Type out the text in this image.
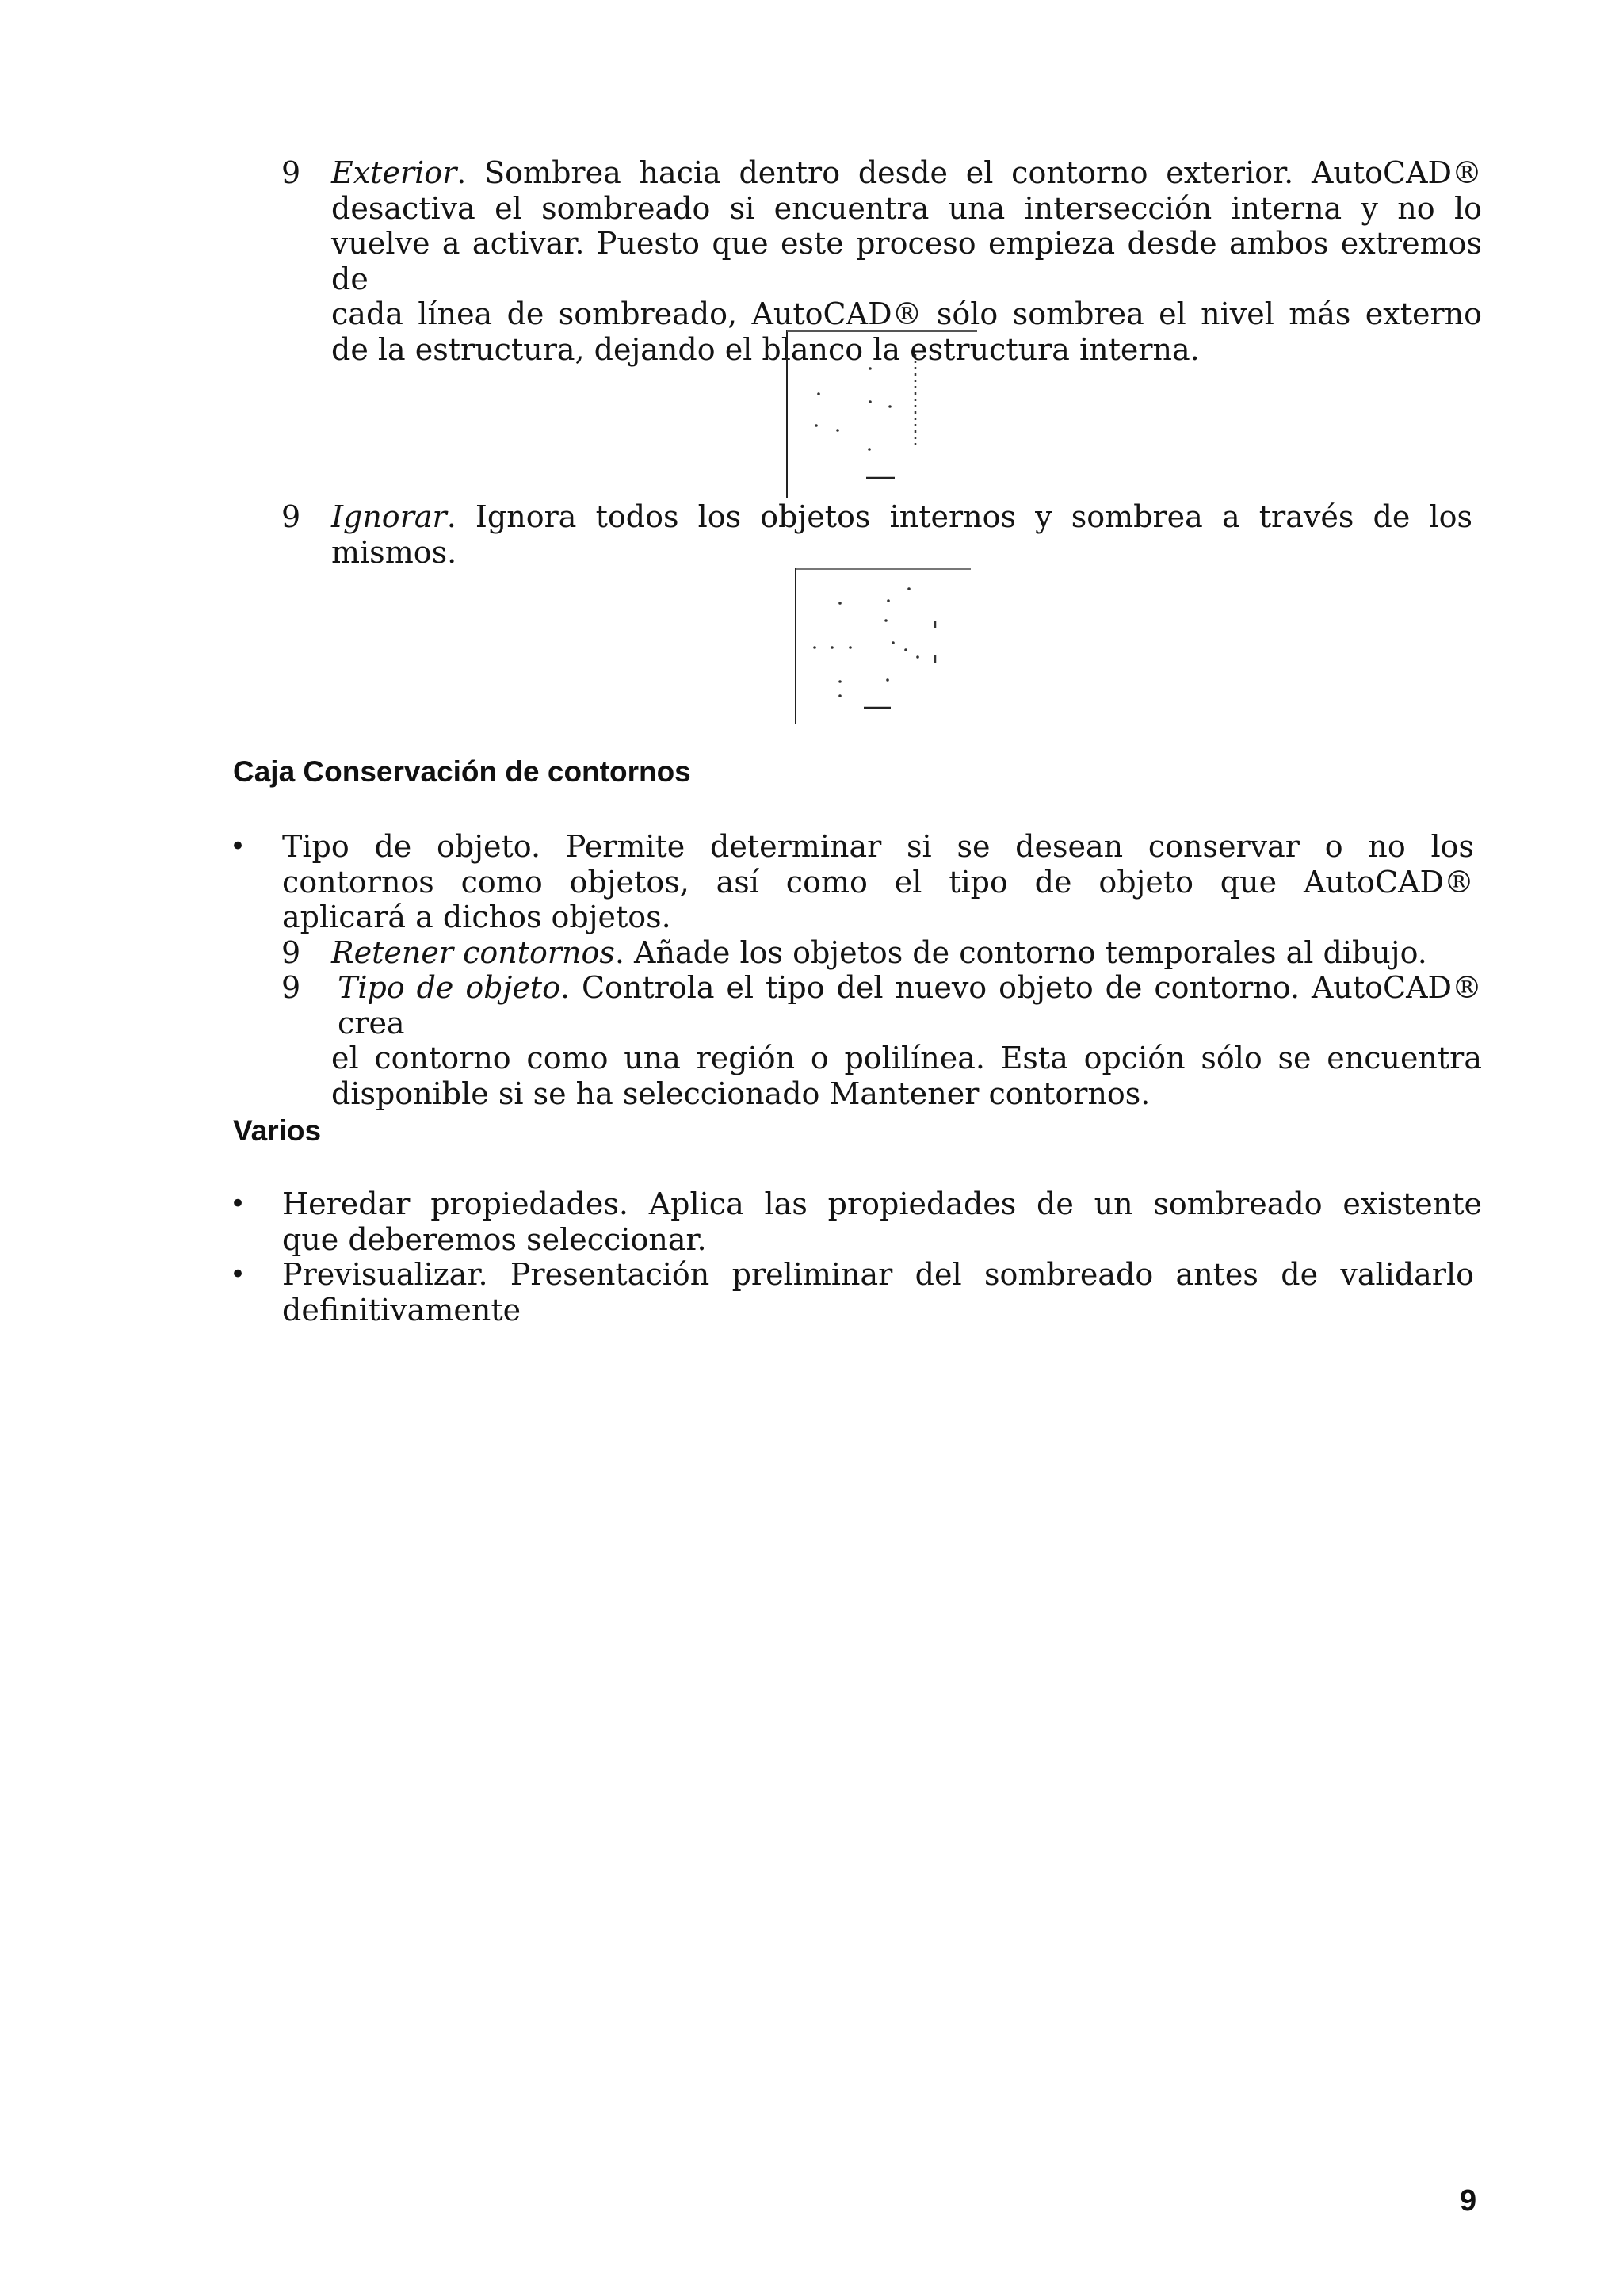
9 Exterior. Sombrea hacia dentro desde el contorno exterior. AutoCAD®
desactiva el sombreado si encuentra una intersección interna y no lo
vuelve a activar. Puesto que este proceso empieza desde ambos extremos de
cada línea de sombreado, AutoCAD® sólo sombrea el nivel más externo
de la estructura, dejando el blanco la estructura interna.
9 Ignorar. Ignora todos los objetos internos y sombrea a través de los
mismos.
Caja Conservación de contornos
• Tipo de objeto. Permite determinar si se desean conservar o no los
contornos como objetos, así como el tipo de objeto que AutoCAD®
aplicará a dichos objetos.
9 Retener contornos. Añade los objetos de contorno temporales al dibujo.
9 Tipo de objeto. Controla el tipo del nuevo objeto de contorno. AutoCAD® crea
el contorno como una región o polilínea. Esta opción sólo se encuentra
disponible si se ha seleccionado Mantener contornos.
Varios
• Heredar propiedades. Aplica las propiedades de un sombreado existente
que deberemos seleccionar.
• Previsualizar. Presentación preliminar del sombreado antes de validarlo
definitivamente
9
